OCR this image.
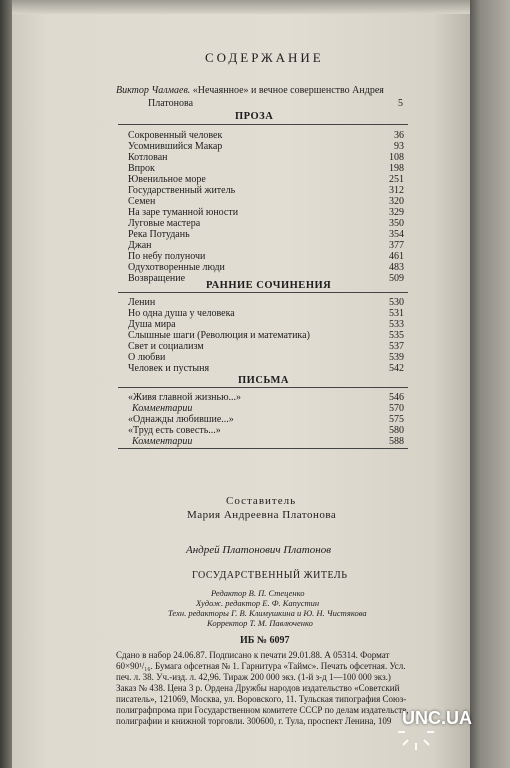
СОДЕРЖАНИЕ
Виктор Чалмаев. «Нечаянное» и вечное совершенство Андрея
Платонова	5
ПРОЗА
Сокровенный человек	36
Усомнившийся Макар	93
Котлован	108
Впрок	198
Ювенильное море	251
Государственный житель	312
Семен	320
На заре туманной юности	329
Луговые мастера	350
Река Потудань	354
Джан	377
По небу полуночи	461
Одухотворенные люди	483
Возвращение	509
РАННИЕ СОЧИНЕНИЯ
Ленин	530
Но одна душа у человека	531
Душа мира	533
Слышные шаги (Революция и математика)	535
Свет и социализм	537
О любви	539
Человек и пустыня	542
ПИСЬМА
«Живя главной жизнью...»	546
Комментарии	570
«Однажды любившие...»	575
«Труд есть совесть...»	580
Комментарии	588
Составитель
Мария Андреевна Платонова
Андрей Платонович Платонов
ГОСУДАРСТВЕННЫЙ ЖИТЕЛЬ
Редактор В. П. Стеценко
Худож. редактор Е. Ф. Капустин
Техн. редакторы Г. В. Климушкина и Ю. Н. Чистякова
Корректор Т. М. Павлюченко
ИБ № 6097
Сдано в набор 24.06.87. Подписано к печати 29.01.88. А 05314. Формат
60×90¹/₁₆. Бумага офсетная № 1. Гарнитура «Таймс». Печать офсетная. Усл.
печ. л. 38. Уч.-изд. л. 42,96. Тираж 200 000 экз. (1-й з-д 1—100 000 экз.)
Заказ № 438. Цена 3 р. Ордена Дружбы народов издательство «Советский
писатель», 121069, Москва, ул. Воровского, 11. Тульская типография Союз-
полиграфпрома при Государственном комитете СССР по делам издательств,
полиграфии и книжной торговли. 300600, г. Тула, проспект Ленина, 109 UNC.UA
